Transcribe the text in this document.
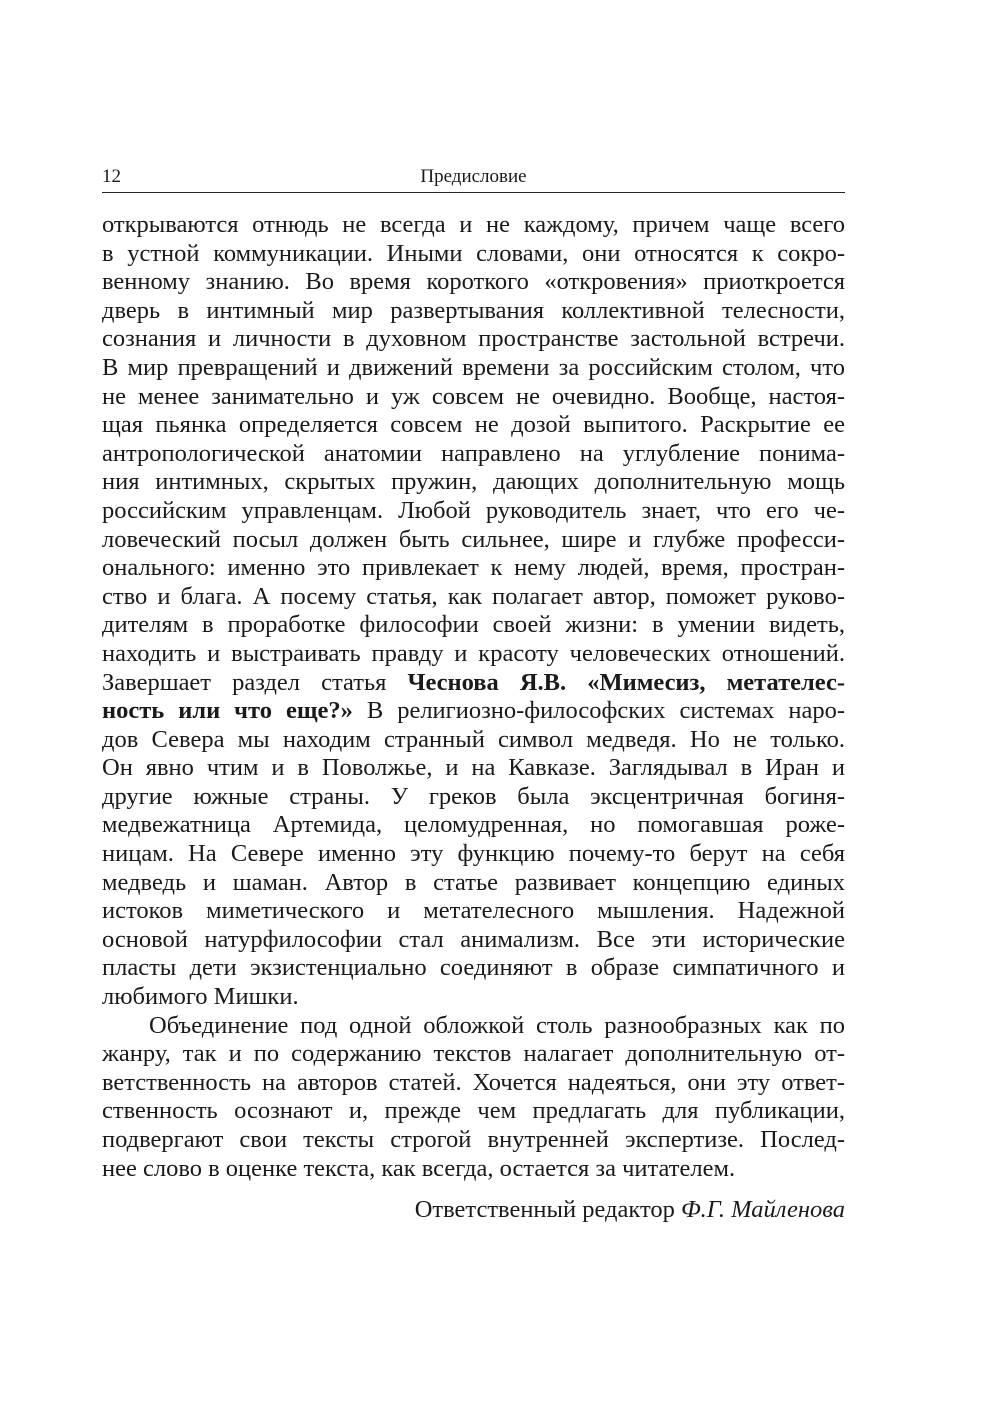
12	Предисловие

открываются отнюдь не всегда и не каждому, причем чаще всего
в устной коммуникации. Иными словами, они относятся к сокро-
венному знанию. Во время короткого «откровения» приоткроется
дверь в интимный мир развертывания коллективной телесности,
сознания и личности в духовном пространстве застольной встречи.
В мир превращений и движений времени за российским столом, что
не менее занимательно и уж совсем не очевидно. Вообще, настоя-
щая пьянка определяется совсем не дозой выпитого. Раскрытие ее
антропологической анатомии направлено на углубление понима-
ния интимных, скрытых пружин, дающих дополнительную мощь
российским управленцам. Любой руководитель знает, что его че-
ловеческий посыл должен быть сильнее, шире и глубже професси-
онального: именно это привлекает к нему людей, время, простран-
ство и блага. А посему статья, как полагает автор, поможет руково-
дителям в проработке философии своей жизни: в умении видеть,
находить и выстраивать правду и красоту человеческих отношений.
Завершает раздел статья Чеснова Я.В. «Мимесиз, метателес-
ность или что еще?» В религиозно-философских системах наро-
дов Севера мы находим странный символ медведя. Но не только.
Он явно чтим и в Поволжье, и на Кавказе. Заглядывал в Иран и
другие южные страны. У греков была эксцентричная богиня-
медвежатница Артемида, целомудренная, но помогавшая роже-
ницам. На Севере именно эту функцию почему-то берут на себя
медведь и шаман. Автор в статье развивает концепцию единых
истоков миметического и метателесного мышления. Надежной
основой натурфилософии стал анимализм. Все эти исторические
пласты дети экзистенциально соединяют в образе симпатичного и
любимого Мишки.

Объединение под одной обложкой столь разнообразных как по
жанру, так и по содержанию текстов налагает дополнительную от-
ветственность на авторов статей. Хочется надеяться, они эту ответ-
ственность осознают и, прежде чем предлагать для публикации,
подвергают свои тексты строгой внутренней экспертизе. Послед-
нее слово в оценке текста, как всегда, остается за читателем.

Ответственный редактор Ф.Г. Майленова
